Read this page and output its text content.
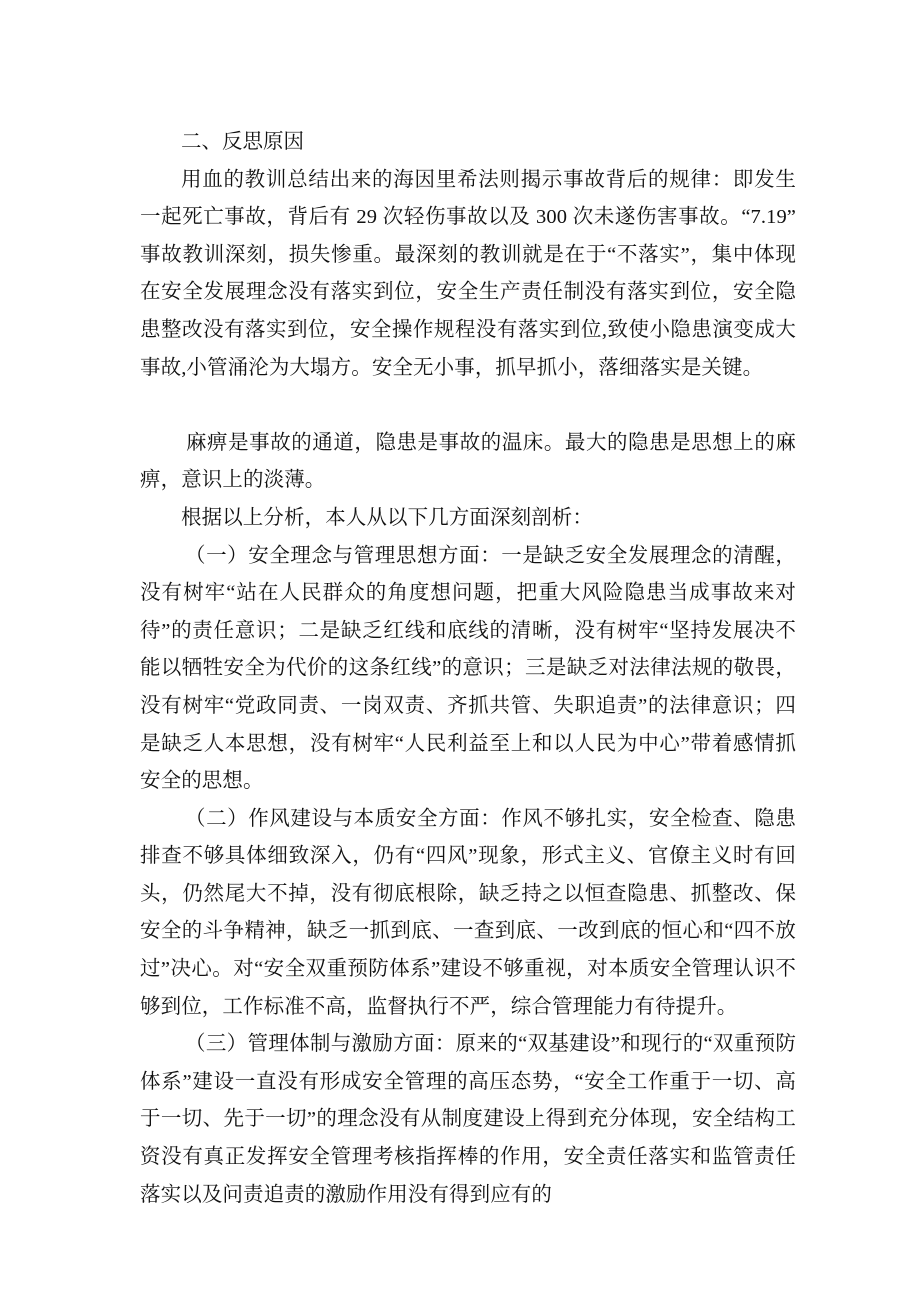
二、反思原因

用血的教训总结出来的海因里希法则揭示事故背后的规律：即发生一起死亡事故，背后有 29 次轻伤事故以及 300 次未遂伤害事故。“7.19”事故教训深刻，损失惨重。最深刻的教训就是在于“不落实”，集中体现在安全发展理念没有落实到位，安全生产责任制没有落实到位，安全隐患整改没有落实到位，安全操作规程没有落实到位,致使小隐患演变成大事故,小管涌沦为大塌方。安全无小事，抓早抓小，落细落实是关键。

麻痹是事故的通道，隐患是事故的温床。最大的隐患是思想上的麻痹，意识上的淡薄。

根据以上分析，本人从以下几方面深刻剖析：

（一）安全理念与管理思想方面：一是缺乏安全发展理念的清醒，没有树牢“站在人民群众的角度想问题，把重大风险隐患当成事故来对待”的责任意识；二是缺乏红线和底线的清晰，没有树牢“坚持发展决不能以牺牲安全为代价的这条红线”的意识；三是缺乏对法律法规的敬畏，没有树牢“党政同责、一岗双责、齐抓共管、失职追责”的法律意识；四是缺乏人本思想，没有树牢“人民利益至上和以人民为中心”带着感情抓安全的思想。

（二）作风建设与本质安全方面：作风不够扎实，安全检查、隐患排查不够具体细致深入，仍有“四风”现象，形式主义、官僚主义时有回头，仍然尾大不掉，没有彻底根除，缺乏持之以恒查隐患、抓整改、保安全的斗争精神，缺乏一抓到底、一查到底、一改到底的恒心和“四不放过”决心。对“安全双重预防体系”建设不够重视，对本质安全管理认识不够到位，工作标准不高，监督执行不严，综合管理能力有待提升。

（三）管理体制与激励方面：原来的“双基建设”和现行的“双重预防体系”建设一直没有形成安全管理的高压态势，“安全工作重于一切、高于一切、先于一切”的理念没有从制度建设上得到充分体现，安全结构工资没有真正发挥安全管理考核指挥棒的作用，安全责任落实和监管责任落实以及问责追责的激励作用没有得到应有的
